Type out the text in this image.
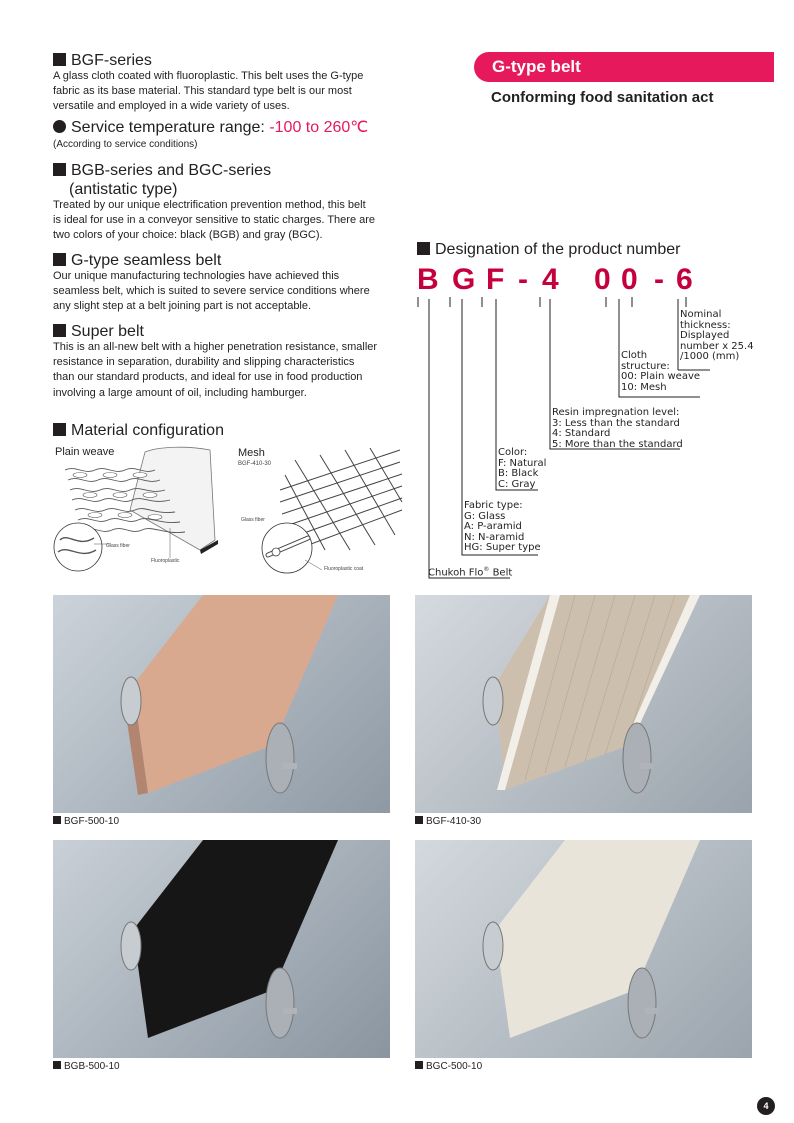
BGF-series
A glass cloth coated with fluoroplastic. This belt uses the G-type
fabric as its base material. This standard type belt is our most
versatile and employed in a wide variety of uses.
Service temperature range: -100 to 260℃
(According to service conditions)
BGB-series and BGC-series
(antistatic type)
Treated by our unique electrification prevention method, this belt
is ideal for use in a conveyor sensitive to static charges. There are
two colors of your choice: black (BGB) and gray (BGC).
G-type seamless belt
Our unique manufacturing technologies have achieved this
seamless belt, which is suited to severe service conditions where
any slight step at a belt joining part is not acceptable.
Super belt
This is an all-new belt with a higher penetration resistance, smaller
resistance in separation, durability and slipping characteristics
than our standard products, and ideal for use in food production
involving a large amount of oil, including hamburger.
Material configuration
Plain weave	Mesh
BGF-410-30
Glass fiber
Fluoroplastic
Glass fiber
Fluoroplastic coat
G-type belt
Conforming food sanitation act
Designation of the product number
B G F - 4 0 0 - 6
Nominal
thickness:
Displayed
number x 25.4
/1000 (mm)
Cloth
structure:
00: Plain weave
10: Mesh
Resin impregnation level:
3: Less than the standard
4: Standard
5: More than the standard
Color:
F: Natural
B: Black
C: Gray
Fabric type:
G: Glass
A: P-aramid
N: N-aramid
HG: Super type
Chukoh Flo® Belt
BGF-500-10	BGF-410-30
BGB-500-10	BGC-500-10
4
